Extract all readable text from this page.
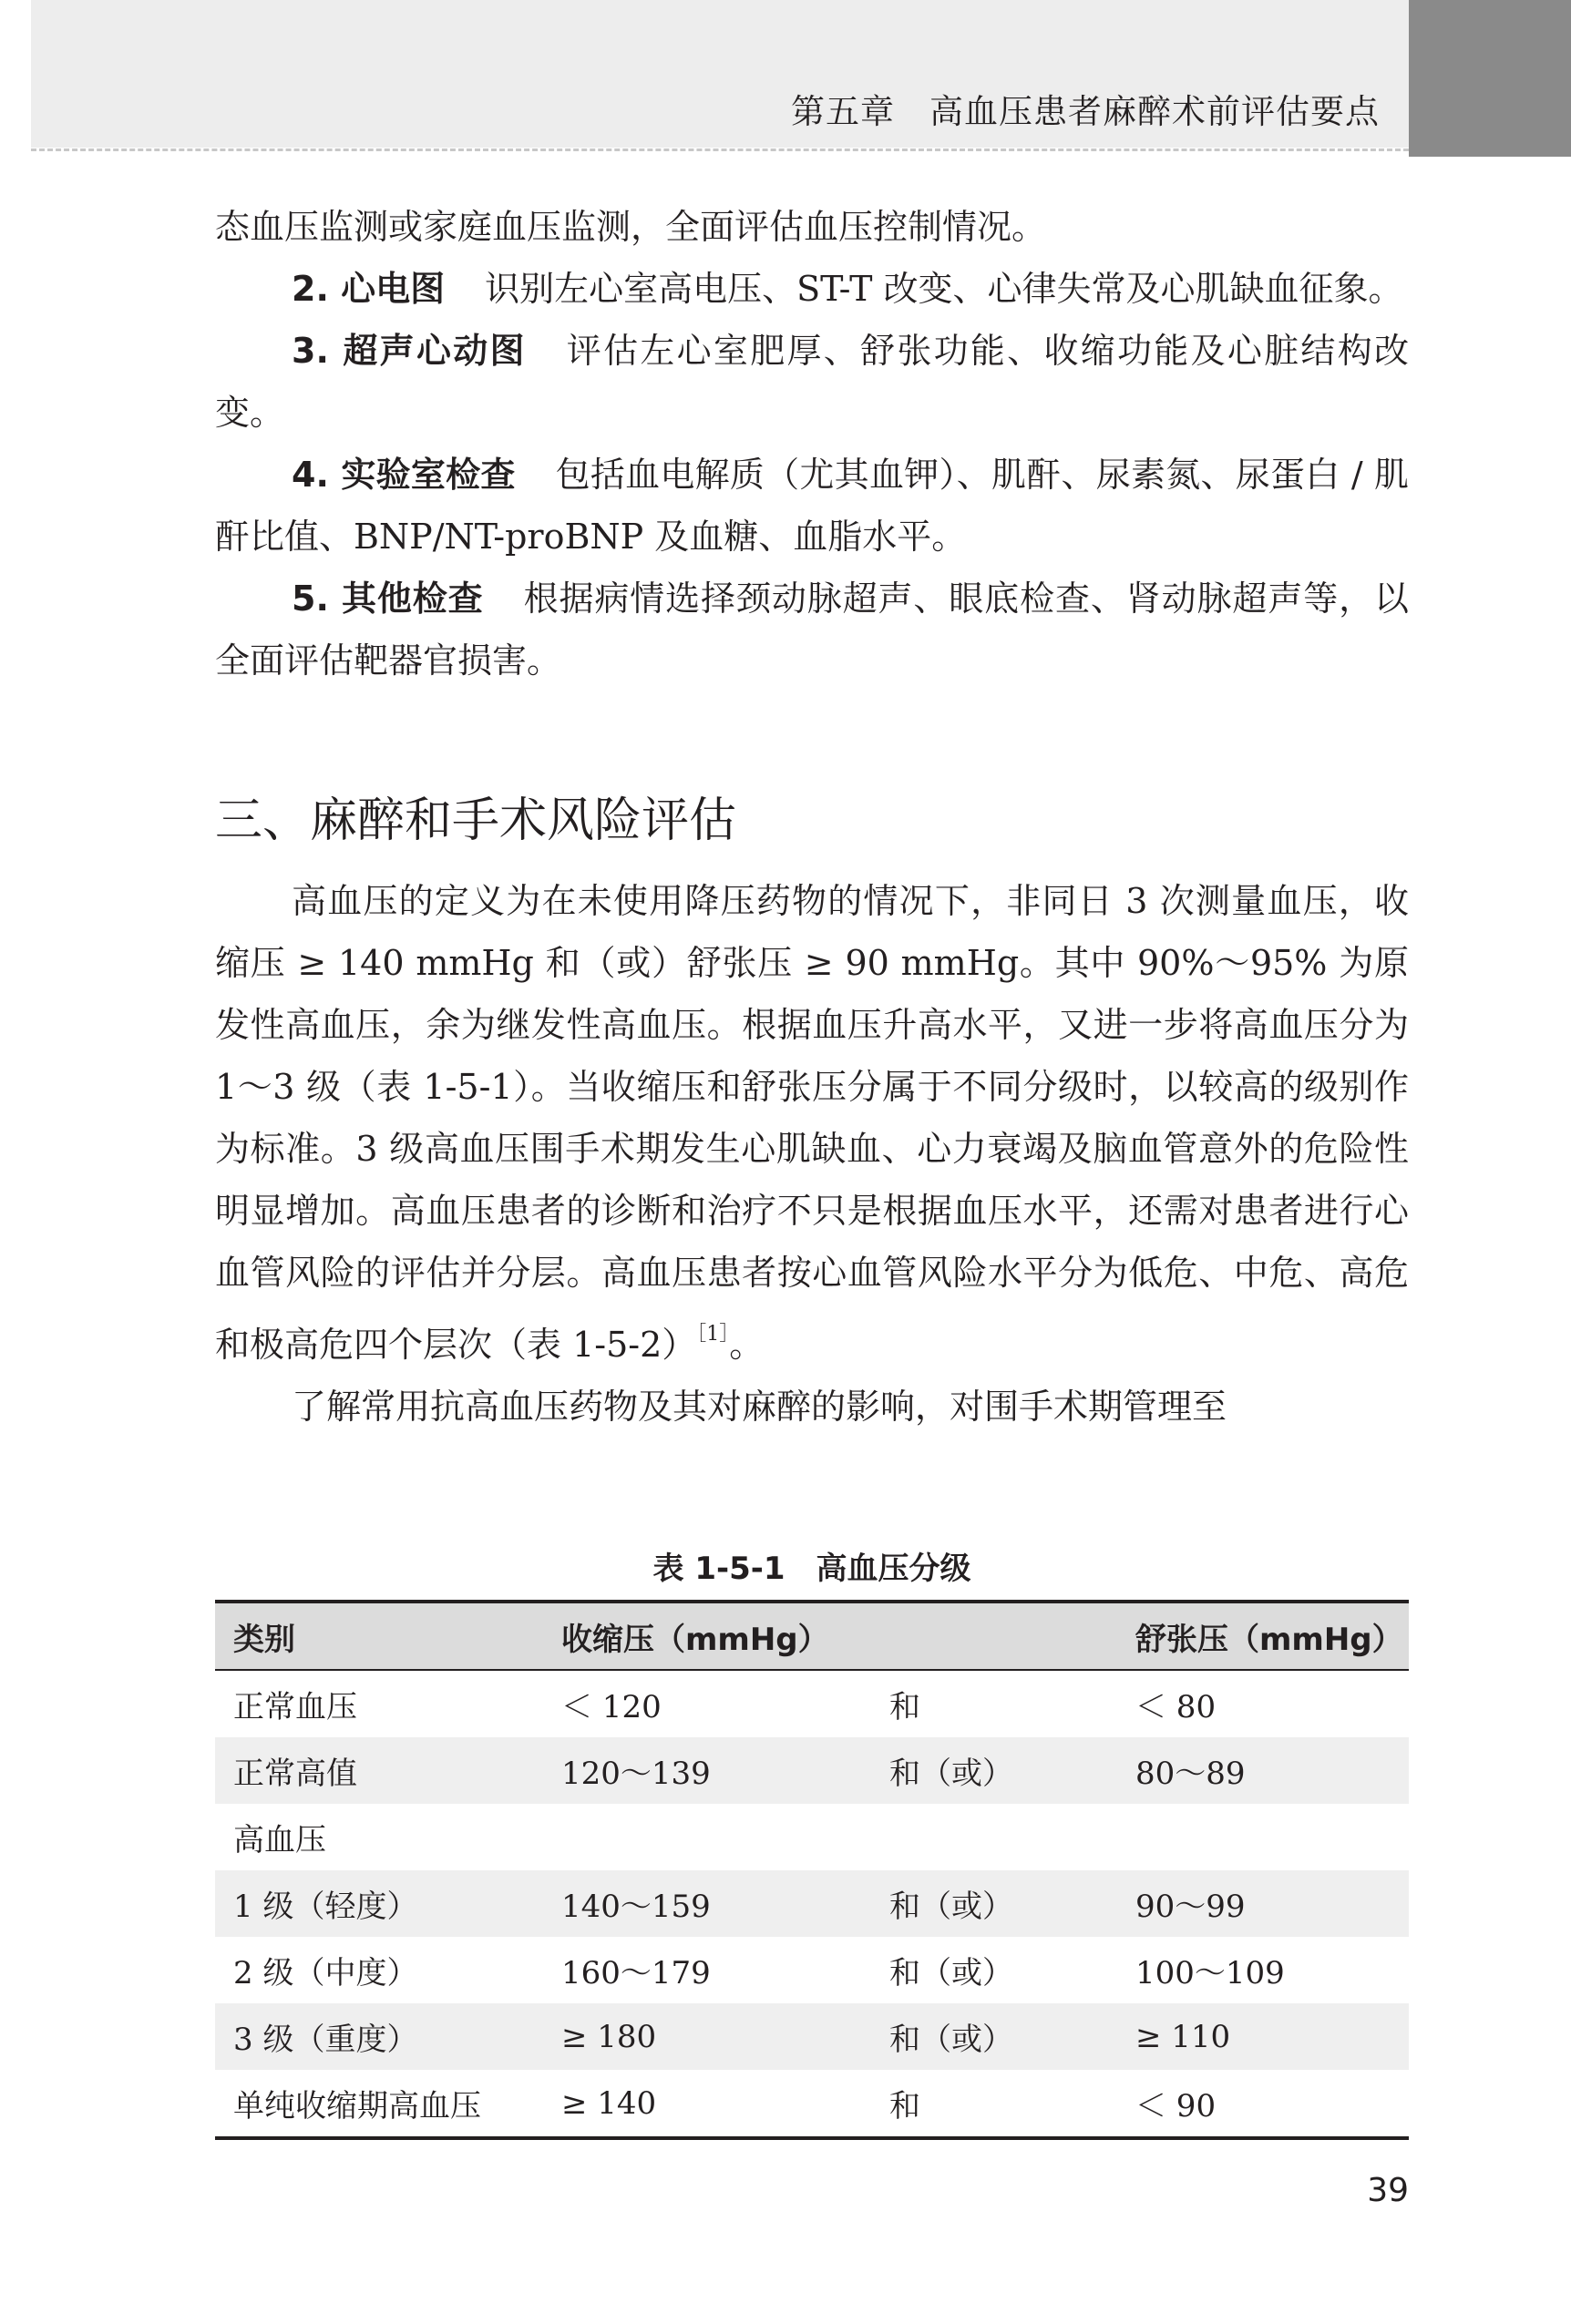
第五章　高血压患者麻醉术前评估要点

态血压监测或家庭血压监测，全面评估血压控制情况。

2. 心电图 识别左心室高电压、ST-T 改变、心律失常及心肌缺血征象。

3. 超声心动图 评估左心室肥厚、舒张功能、收缩功能及心脏结构改变。

4. 实验室检查 包括血电解质（尤其血钾）、肌酐、尿素氮、尿蛋白 / 肌酐比值、BNP/NT-proBNP 及血糖、血脂水平。

5. 其他检查 根据病情选择颈动脉超声、眼底检查、肾动脉超声等，以全面评估靶器官损害。

三、麻醉和手术风险评估

高血压的定义为在未使用降压药物的情况下，非同日 3 次测量血压，收缩压 ≥ 140 mmHg 和（或）舒张压 ≥ 90 mmHg。其中 90%～95% 为原发性高血压，余为继发性高血压。根据血压升高水平，又进一步将高血压分为 1～3 级（表 1-5-1）。当收缩压和舒张压分属于不同分级时，以较高的级别作为标准。3 级高血压围手术期发生心肌缺血、心力衰竭及脑血管意外的危险性明显增加。高血压患者的诊断和治疗不只是根据血压水平，还需对患者进行心血管风险的评估并分层。高血压患者按心血管风险水平分为低危、中危、高危和极高危四个层次（表 1-5-2）$^{[1]}$。

了解常用抗高血压药物及其对麻醉的影响，对围手术期管理至

表 1-5-1　高血压分级
类别	收缩压（mmHg）		舒张压（mmHg）
正常血压	＜ 120	和	＜ 80
正常高值	120～139	和（或）	80～89
高血压			
1 级（轻度）	140～159	和（或）	90～99
2 级（中度）	160～179	和（或）	100～109
3 级（重度）	≥ 180	和（或）	≥ 110
单纯收缩期高血压	≥ 140	和	＜ 90
39
